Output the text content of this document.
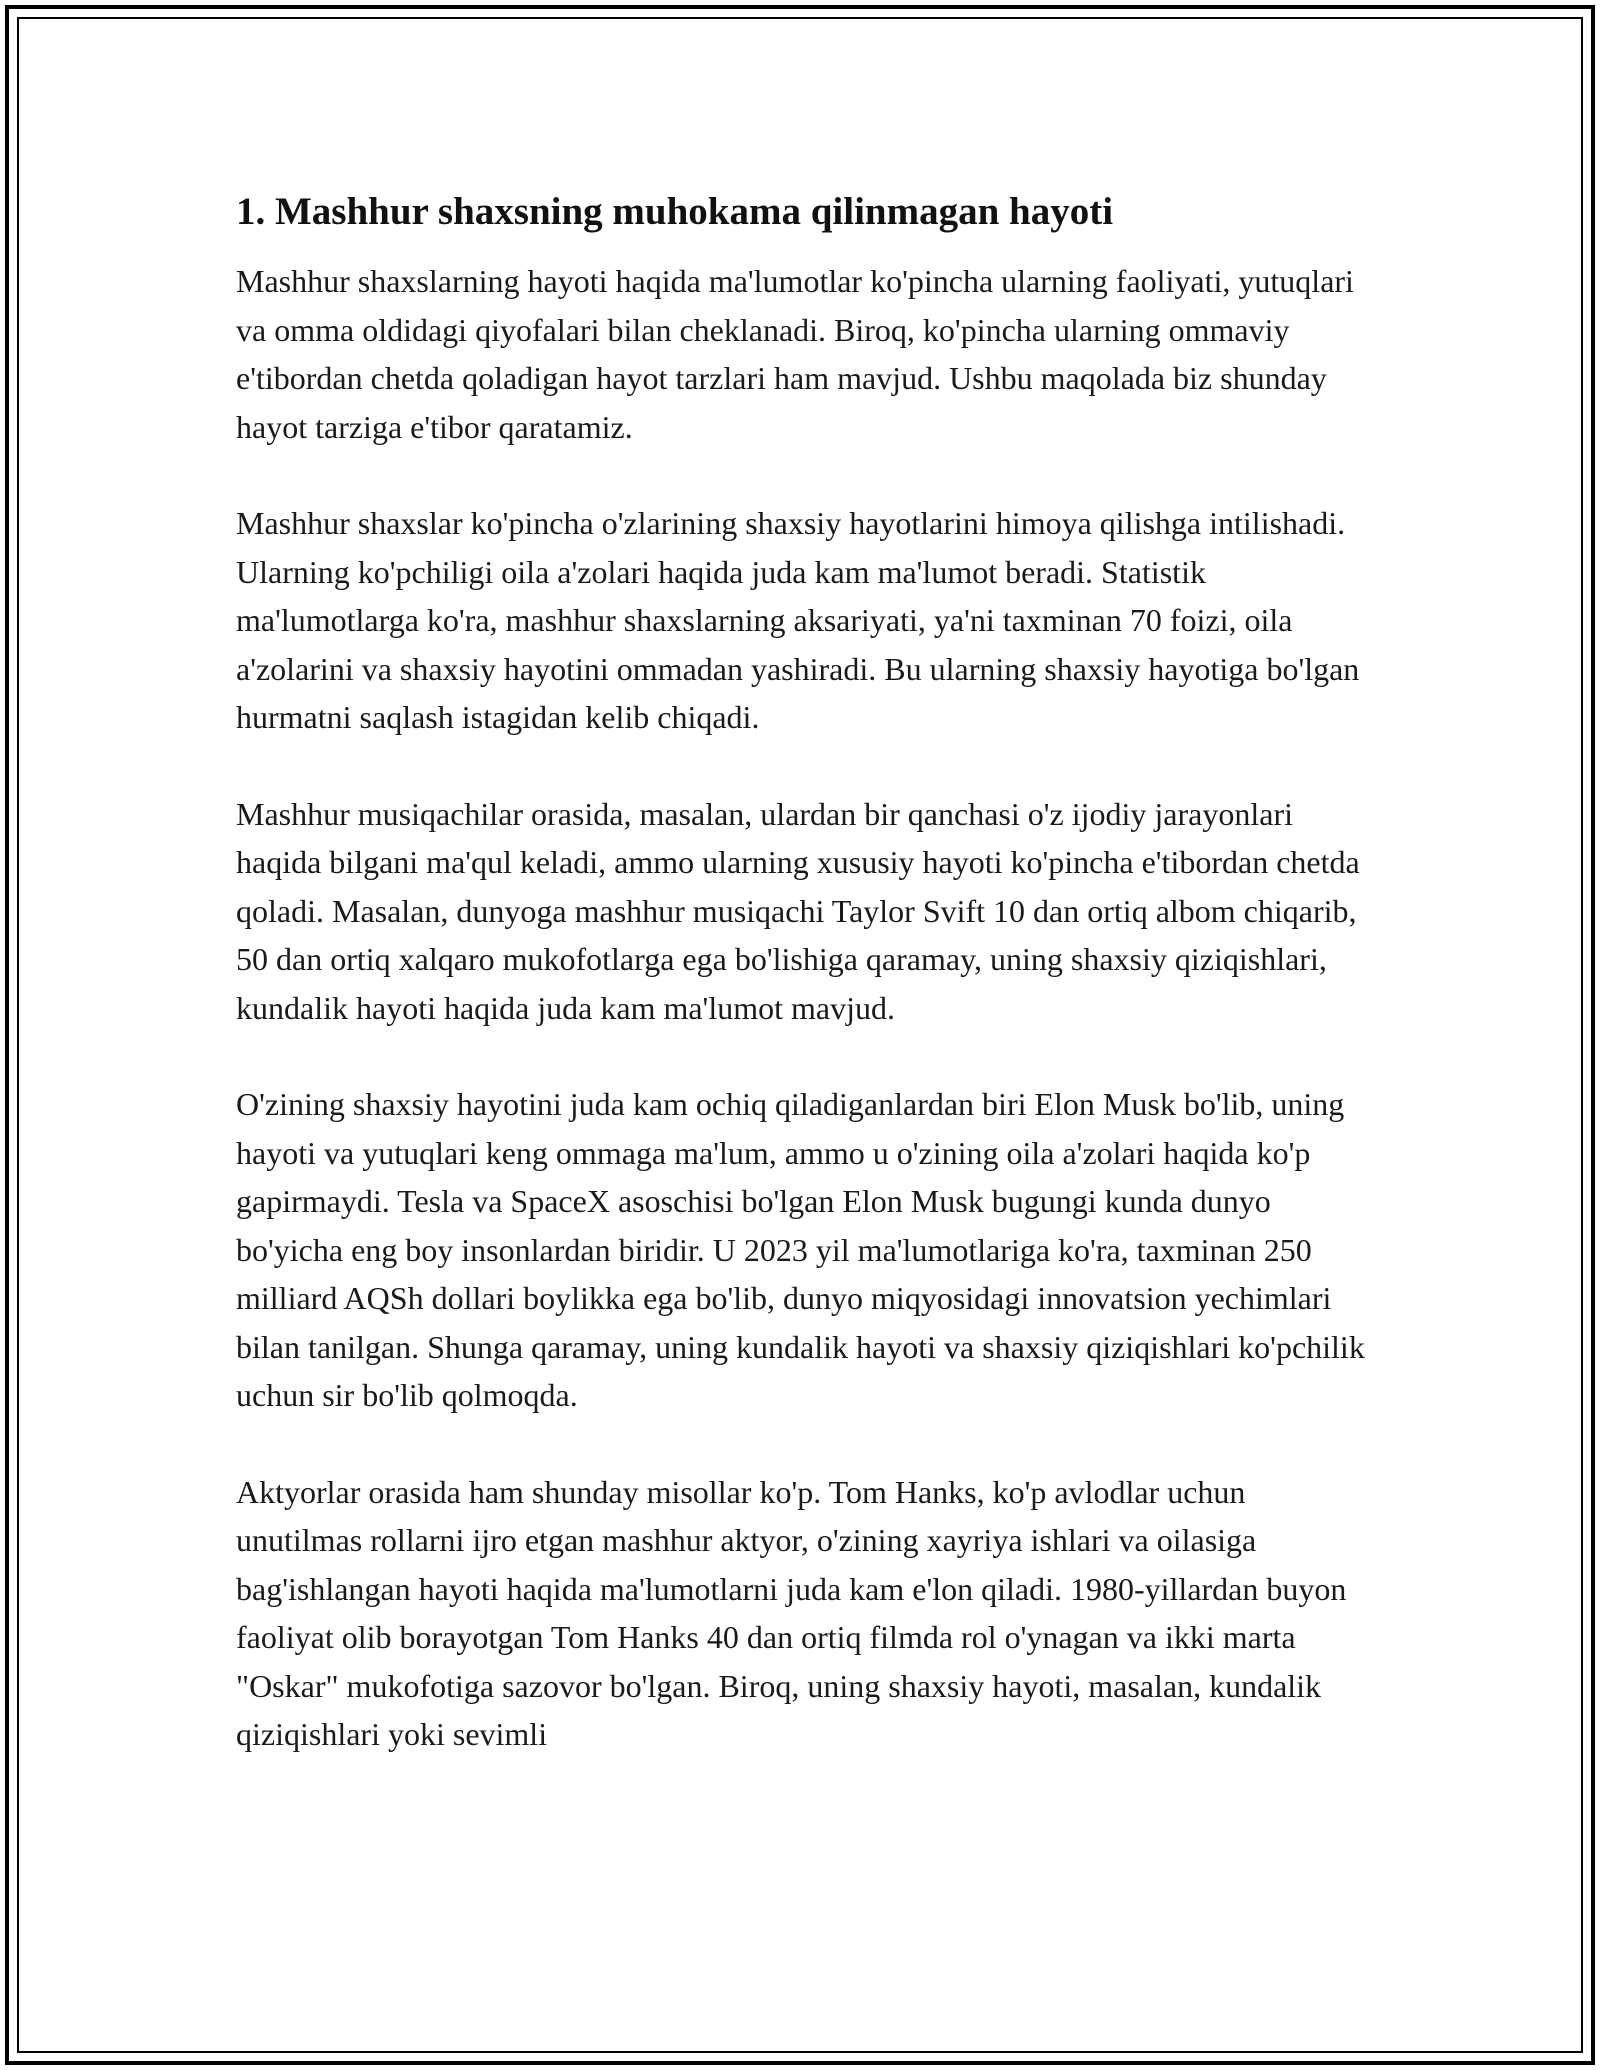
1. Mashhur shaxsning muhokama qilinmagan hayoti

Mashhur shaxslarning hayoti haqida ma'lumotlar ko'pincha ularning faoliyati, yutuqlari va omma oldidagi qiyofalari bilan cheklanadi. Biroq, ko'pincha ularning ommaviy e'tibordan chetda qoladigan hayot tarzlari ham mavjud. Ushbu maqolada biz shunday hayot tarziga e'tibor qaratamiz.

Mashhur shaxslar ko'pincha o'zlarining shaxsiy hayotlarini himoya qilishga intilishadi. Ularning ko'pchiligi oila a'zolari haqida juda kam ma'lumot beradi. Statistik ma'lumotlarga ko'ra, mashhur shaxslarning aksariyati, ya'ni taxminan 70 foizi, oila a'zolarini va shaxsiy hayotini ommadan yashiradi. Bu ularning shaxsiy hayotiga bo'lgan hurmatni saqlash istagidan kelib chiqadi.

Mashhur musiqachilar orasida, masalan, ulardan bir qanchasi o'z ijodiy jarayonlari haqida bilgani ma'qul keladi, ammo ularning xususiy hayoti ko'pincha e'tibordan chetda qoladi. Masalan, dunyoga mashhur musiqachi Taylor Svift 10 dan ortiq albom chiqarib, 50 dan ortiq xalqaro mukofotlarga ega bo'lishiga qaramay, uning shaxsiy qiziqishlari, kundalik hayoti haqida juda kam ma'lumot mavjud.

O'zining shaxsiy hayotini juda kam ochiq qiladiganlardan biri Elon Musk bo'lib, uning hayoti va yutuqlari keng ommaga ma'lum, ammo u o'zining oila a'zolari haqida ko'p gapirmaydi. Tesla va SpaceX asoschisi bo'lgan Elon Musk bugungi kunda dunyo bo'yicha eng boy insonlardan biridir. U 2023 yil ma'lumotlariga ko'ra, taxminan 250 milliard AQSh dollari boylikka ega bo'lib, dunyo miqyosidagi innovatsion yechimlari bilan tanilgan. Shunga qaramay, uning kundalik hayoti va shaxsiy qiziqishlari ko'pchilik uchun sir bo'lib qolmoqda.

Aktyorlar orasida ham shunday misollar ko'p. Tom Hanks, ko'p avlodlar uchun unutilmas rollarni ijro etgan mashhur aktyor, o'zining xayriya ishlari va oilasiga bag'ishlangan hayoti haqida ma'lumotlarni juda kam e'lon qiladi. 1980-yillardan buyon faoliyat olib borayotgan Tom Hanks 40 dan ortiq filmda rol o'ynagan va ikki marta "Oskar" mukofotiga sazovor bo'lgan. Biroq, uning shaxsiy hayoti, masalan, kundalik qiziqishlari yoki sevimli
